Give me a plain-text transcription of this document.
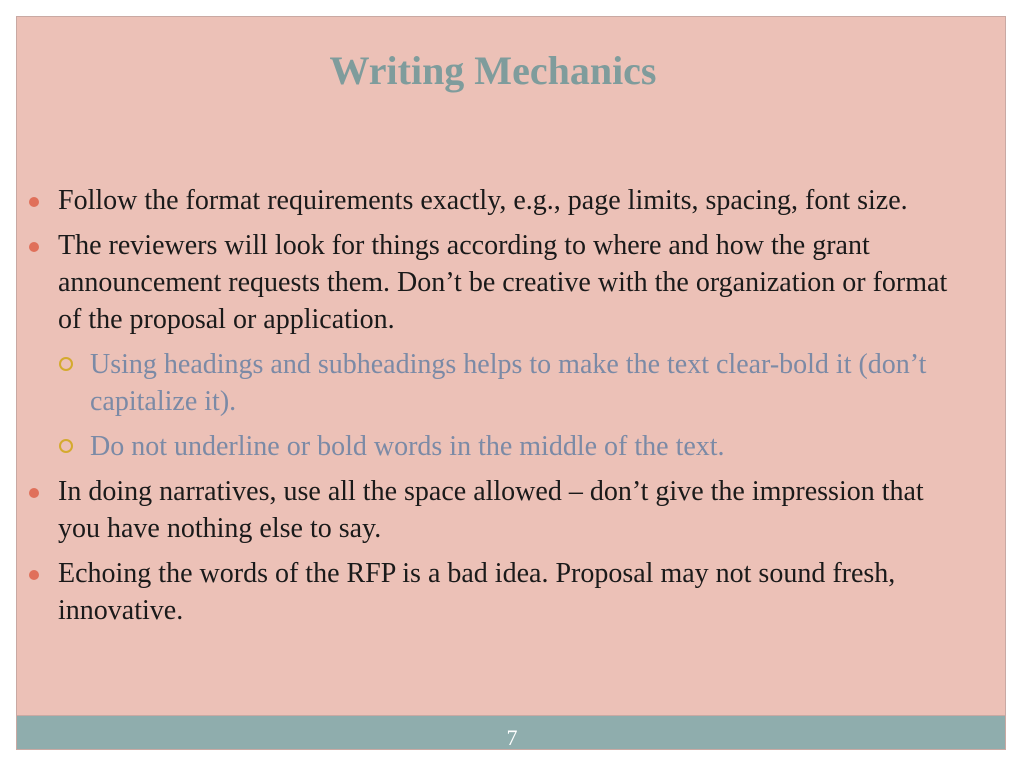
Writing Mechanics
Follow the format requirements exactly, e.g., page limits, spacing, font size.
The reviewers will look for things according to where and how the grant announcement requests them. Don’t be creative with the organization or format of the proposal or application.
Using headings and subheadings helps to make the text clear-bold it (don’t capitalize it).
Do not underline or bold words in the middle of the text.
In doing narratives, use all the space allowed – don’t give the impression that you have nothing else to say.
Echoing the words of the RFP is a bad idea. Proposal may not sound fresh, innovative.
7
